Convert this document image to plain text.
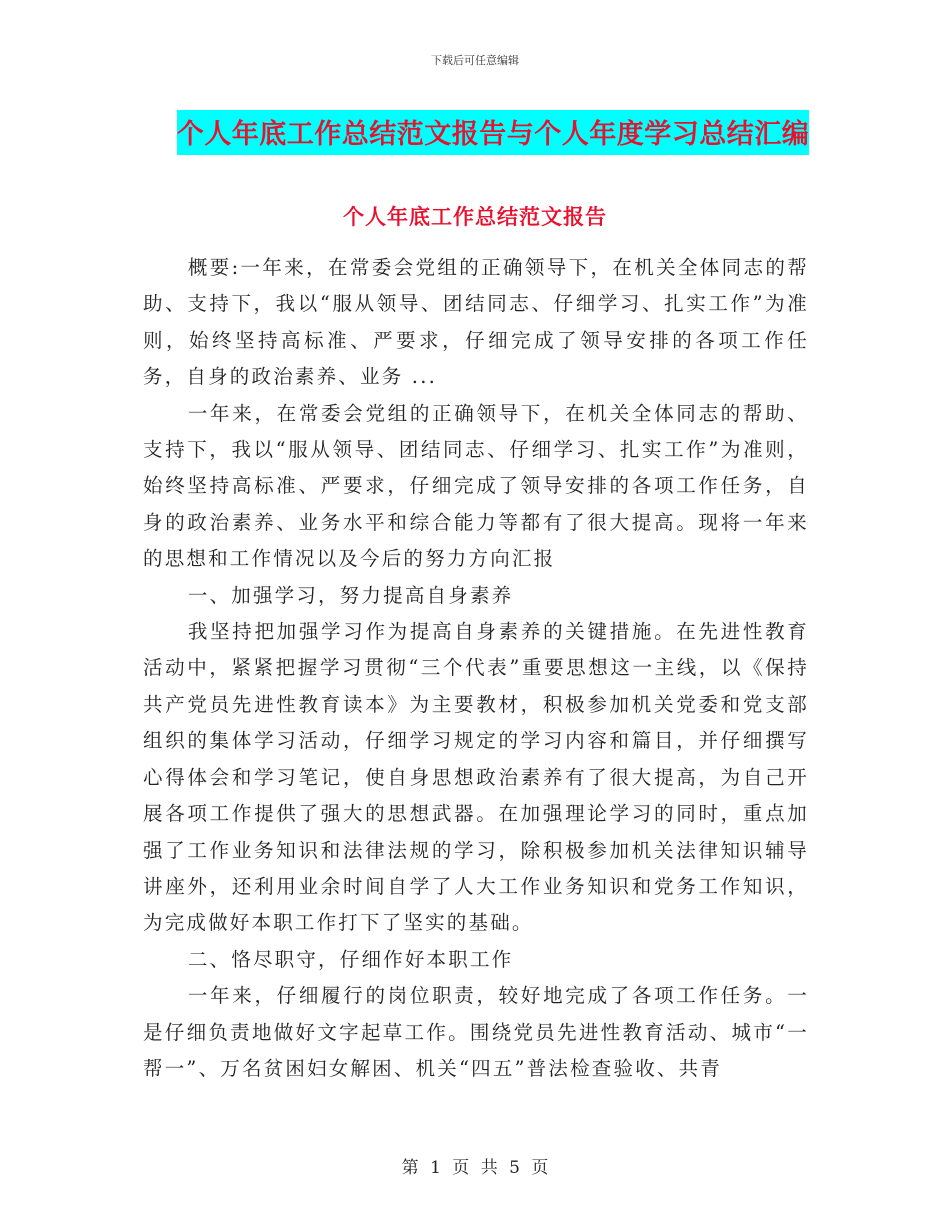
下载后可任意编辑
个人年底工作总结范文报告与个人年度学习总结汇编
个人年底工作总结范文报告

概要:一年来，在常委会党组的正确领导下，在机关全体同志的帮助、支持下，我以“服从领导、团结同志、仔细学习、扎实工作”为准则，始终坚持高标准、严要求，仔细完成了领导安排的各项工作任务，自身的政治素养、业务 ...

一年来，在常委会党组的正确领导下，在机关全体同志的帮助、支持下，我以“服从领导、团结同志、仔细学习、扎实工作”为准则，始终坚持高标准、严要求，仔细完成了领导安排的各项工作任务，自身的政治素养、业务水平和综合能力等都有了很大提高。现将一年来的思想和工作情况以及今后的努力方向汇报

一、加强学习，努力提高自身素养

我坚持把加强学习作为提高自身素养的关键措施。在先进性教育活动中，紧紧把握学习贯彻“三个代表”重要思想这一主线，以《保持共产党员先进性教育读本》为主要教材，积极参加机关党委和党支部组织的集体学习活动，仔细学习规定的学习内容和篇目，并仔细撰写心得体会和学习笔记，使自身思想政治素养有了很大提高，为自己开展各项工作提供了强大的思想武器。在加强理论学习的同时，重点加强了工作业务知识和法律法规的学习，除积极参加机关法律知识辅导讲座外，还利用业余时间自学了人大工作业务知识和党务工作知识，为完成做好本职工作打下了坚实的基础。

二、恪尽职守，仔细作好本职工作

一年来，仔细履行的岗位职责，较好地完成了各项工作任务。一是仔细负责地做好文字起草工作。围绕党员先进性教育活动、城市“一帮一”、万名贫困妇女解困、机关“四五”普法检查验收、共青

第 1 页 共 5 页
